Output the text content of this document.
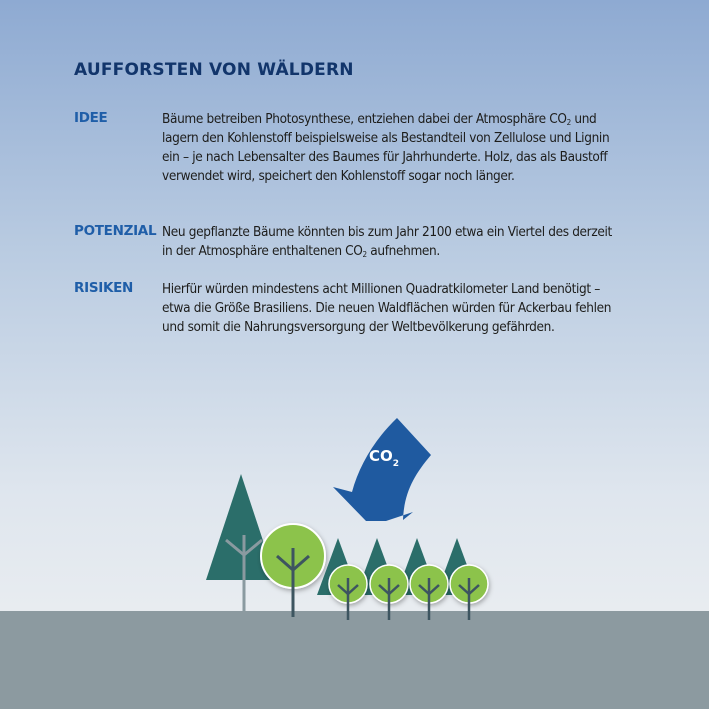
AUFFORSTEN VON WÄLDERN
IDEE	Bäume betreiben Photosynthese, entziehen dabei der Atmosphäre $CO_2$ und lagern den Kohlenstoff beispielsweise als Bestandteil von Zellulose und Lignin ein – je nach Lebensalter des Baumes für Jahrhunderte. Holz, das als Baustoff verwendet wird, speichert den Kohlenstoff sogar noch länger.
POTENZIAL Neu gepflanzte Bäume könnten bis zum Jahr 2100 etwa ein Viertel des derzeit in der Atmosphäre enthaltenen $CO_2$ aufnehmen.
RISIKEN Hierfür würden mindestens acht Millionen Quadratkilometer Land benötigt – etwa die Größe Brasiliens. Die neuen Waldflächen würden für Ackerbau fehlen und somit die Nahrungsversorgung der Weltbevölkerung gefährden.
$CO_2$
